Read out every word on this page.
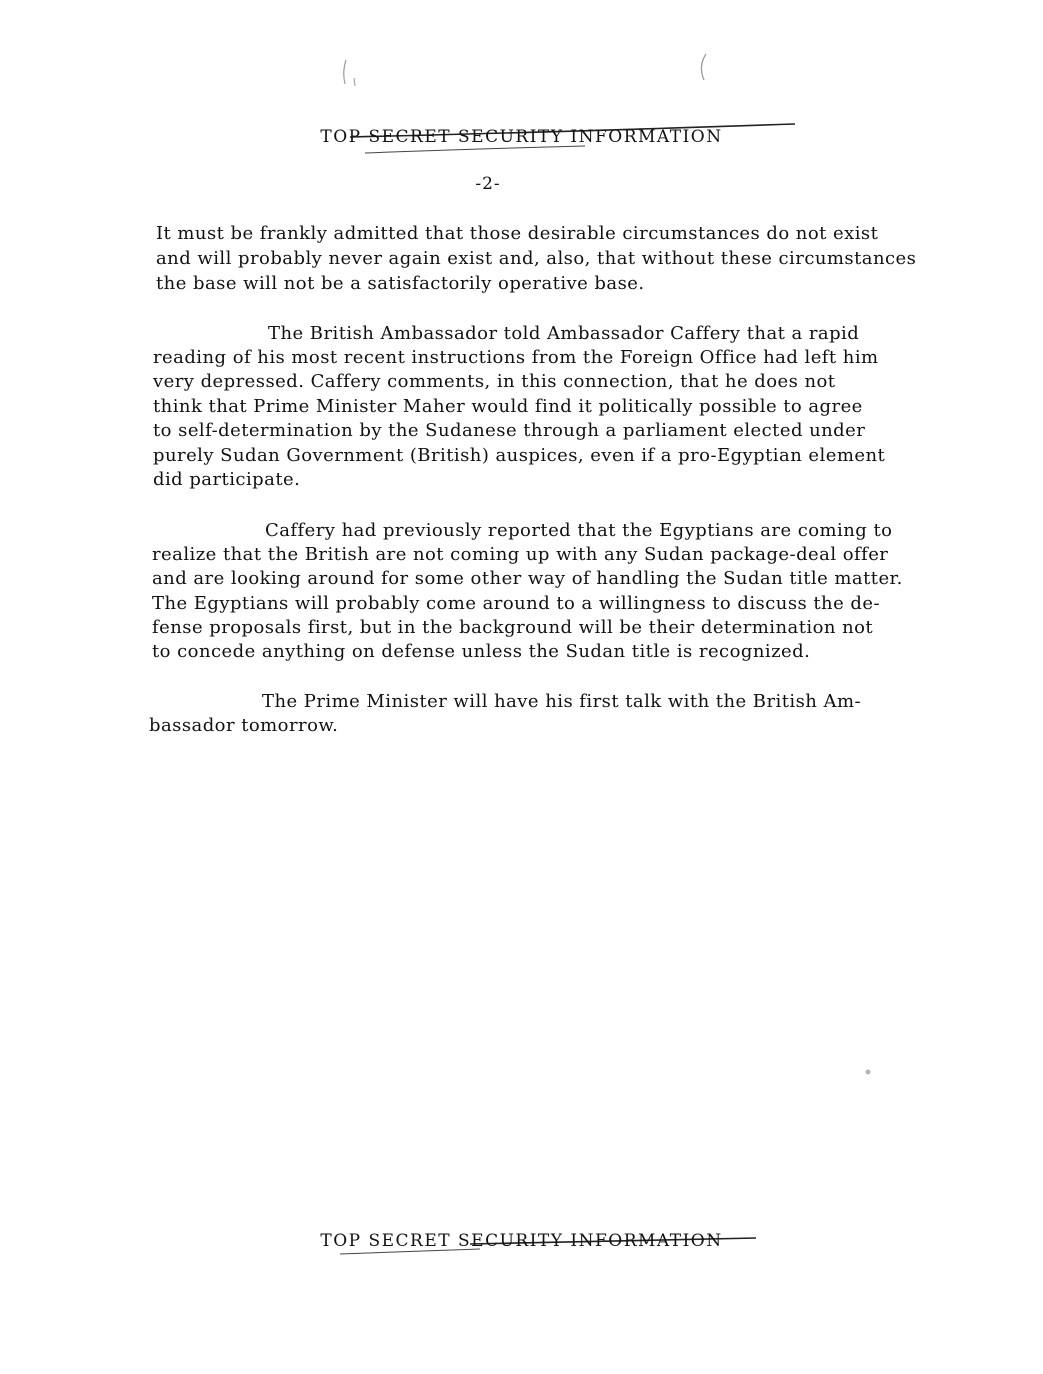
TOP SECRET SECURITY INFORMATION
-2-
It must be frankly admitted that those desirable circumstances do not exist
and will probably never again exist and, also, that without these circumstances
the base will not be a satisfactorily operative base.
The British Ambassador told Ambassador Caffery that a rapid
reading of his most recent instructions from the Foreign Office had left him
very depressed. Caffery comments, in this connection, that he does not
think that Prime Minister Maher would find it politically possible to agree
to self-determination by the Sudanese through a parliament elected under
purely Sudan Government (British) auspices, even if a pro-Egyptian element
did participate.
Caffery had previously reported that the Egyptians are coming to
realize that the British are not coming up with any Sudan package-deal offer
and are looking around for some other way of handling the Sudan title matter.
The Egyptians will probably come around to a willingness to discuss the de-
fense proposals first, but in the background will be their determination not
to concede anything on defense unless the Sudan title is recognized.
The Prime Minister will have his first talk with the British Am-
bassador tomorrow.
TOP SECRET SECURITY INFORMATION
